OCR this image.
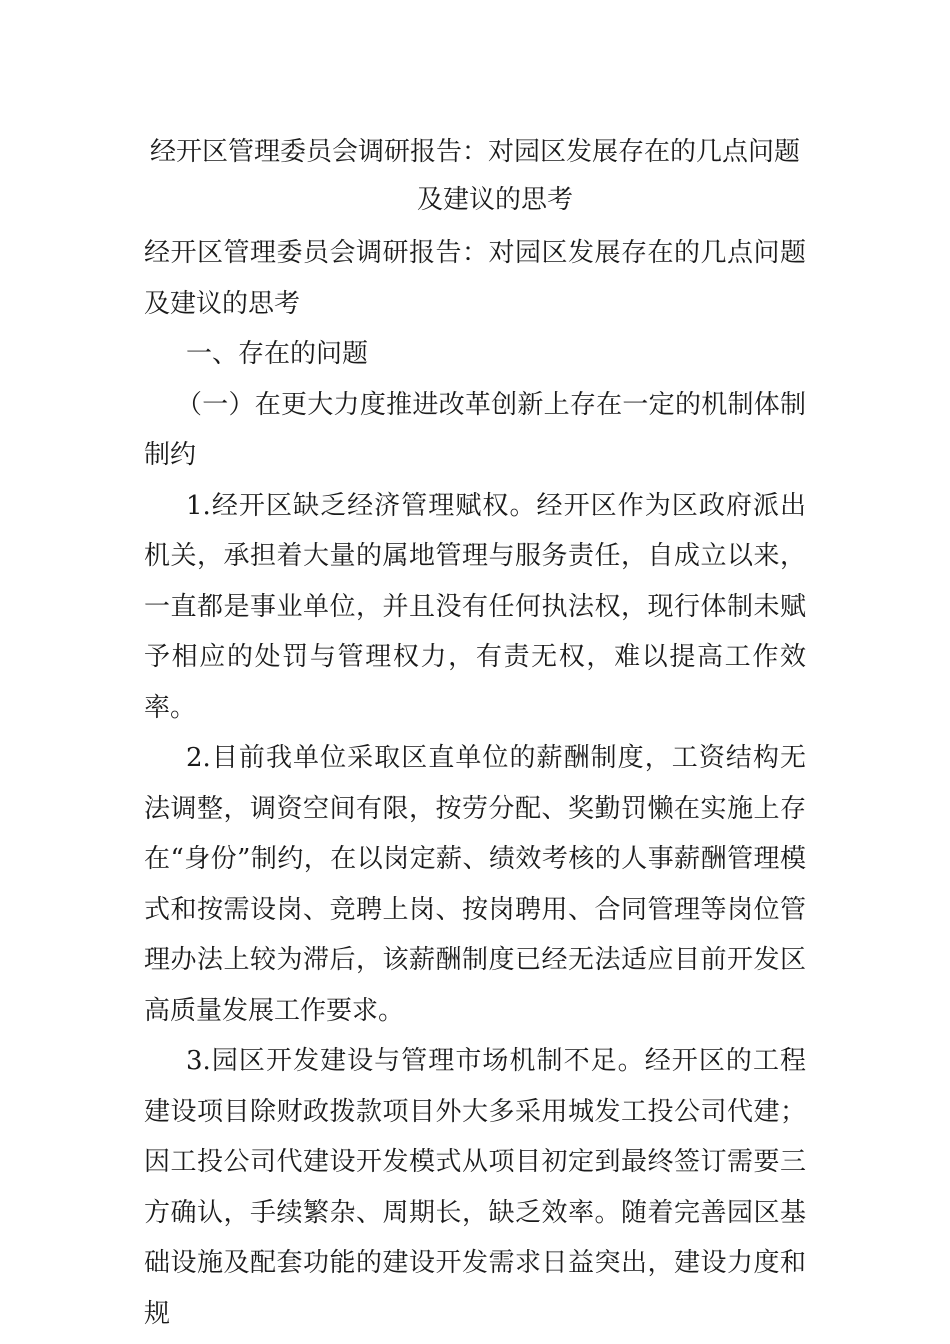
经开区管理委员会调研报告：对园区发展存在的几点问题
及建议的思考

经开区管理委员会调研报告：对园区发展存在的几点问题及建议的思考

一、存在的问题

（一）在更大力度推进改革创新上存在一定的机制体制制约

1.经开区缺乏经济管理赋权。经开区作为区政府派出机关，承担着大量的属地管理与服务责任，自成立以来，一直都是事业单位，并且没有任何执法权，现行体制未赋予相应的处罚与管理权力，有责无权，难以提高工作效率。

2.目前我单位采取区直单位的薪酬制度，工资结构无法调整，调资空间有限，按劳分配、奖勤罚懒在实施上存在“身份”制约，在以岗定薪、绩效考核的人事薪酬管理模式和按需设岗、竞聘上岗、按岗聘用、合同管理等岗位管理办法上较为滞后，该薪酬制度已经无法适应目前开发区高质量发展工作要求。

3.园区开发建设与管理市场机制不足。经开区的工程建设项目除财政拨款项目外大多采用城发工投公司代建；因工投公司代建设开发模式从项目初定到最终签订需要三方确认，手续繁杂、周期长，缺乏效率。随着完善园区基础设施及配套功能的建设开发需求日益突出，建设力度和规
